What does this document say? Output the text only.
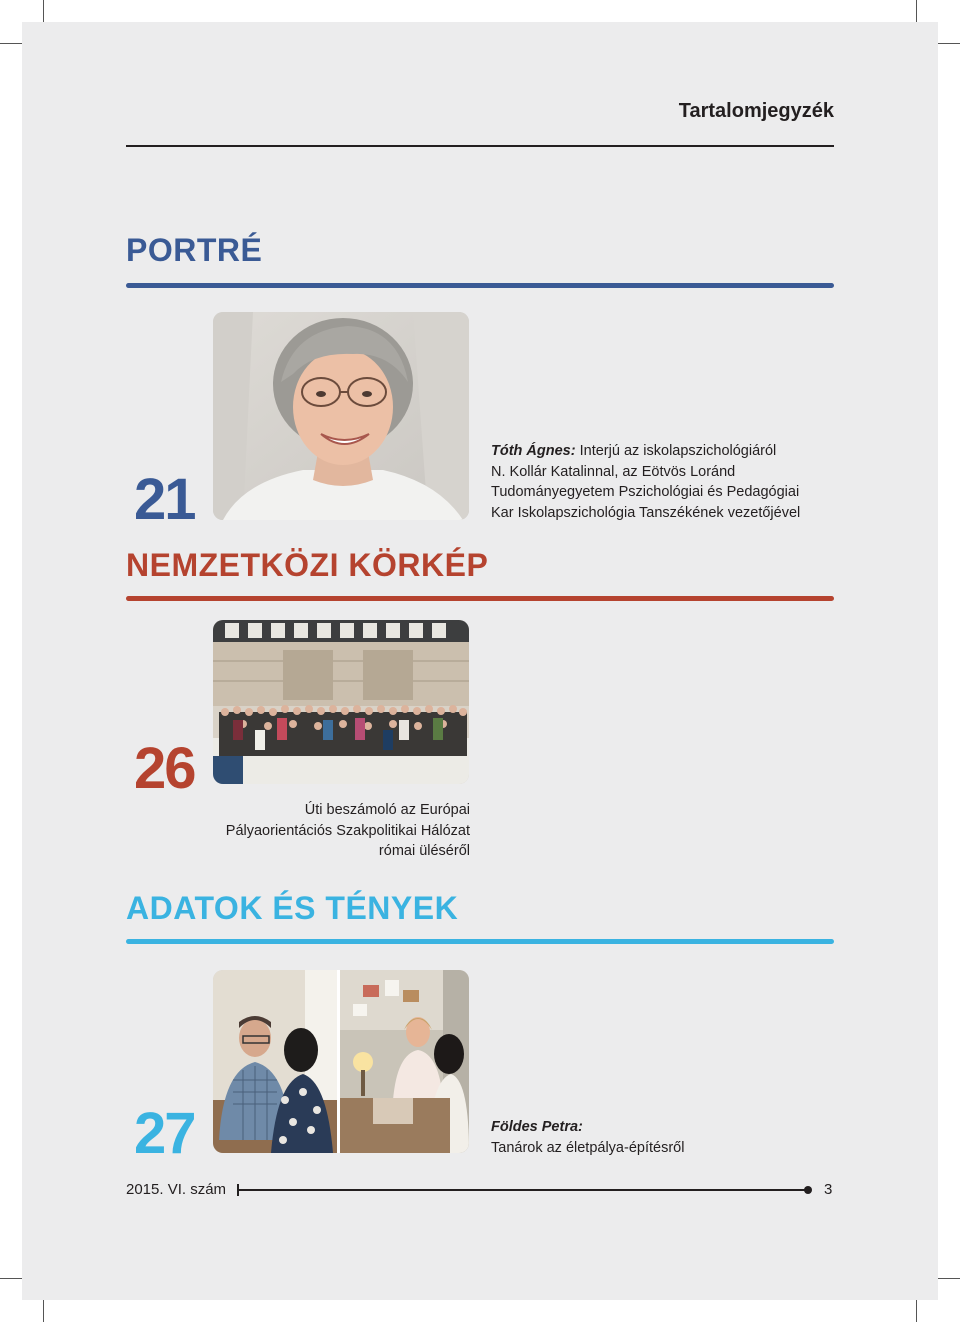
Tartalomjegyzék
PORTRÉ
21
Tóth Ágnes: Interjú az iskolapszichológiáról
N. Kollár Katalinnal, az Eötvös Loránd
Tudományegyetem Pszichológiai és Pedagógiai
Kar Iskolapszichológia Tanszékének vezetőjével
NEMZETKÖZI KÖRKÉP
26
Úti beszámoló az Európai
Pályaorientációs Szakpolitikai Hálózat
római üléséről
ADATOK ÉS TÉNYEK
27	Földes Petra:
Tanárok az életpálya-építésről
2015. VI. szám	3
